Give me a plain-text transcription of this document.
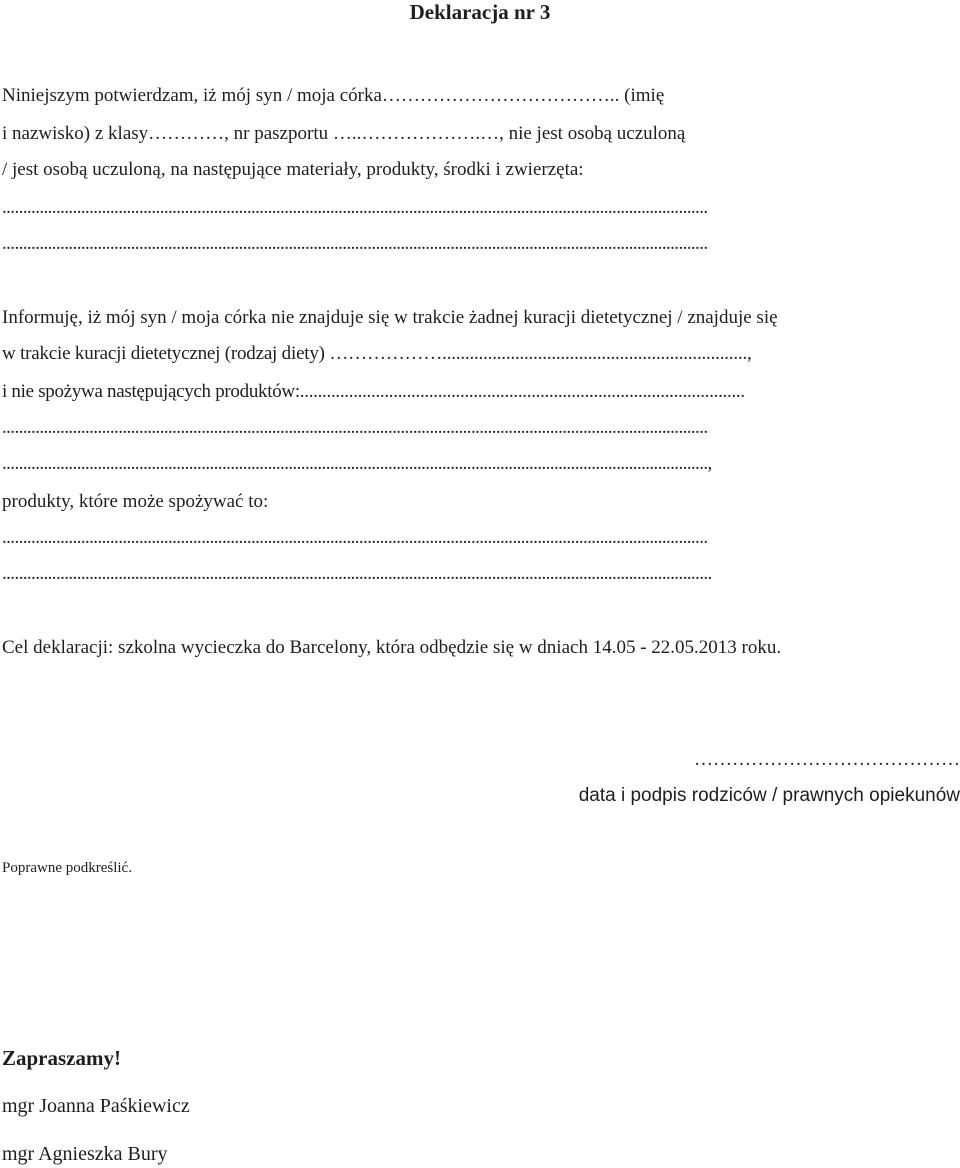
Deklaracja nr 3
Niniejszym potwierdzam, iż mój syn / moja córka……………………………….. (imię
i nazwisko) z klasy…………, nr paszportu …..……………….…, nie jest osobą uczuloną
/ jest osobą uczuloną, na następujące materiały, produkty, środki i zwierzęta:
..........................................................................................................................................................................
..........................................................................................................................................................................
Informuję, iż mój syn / moja córka nie znajduje się w trakcie żadnej kuracji dietetycznej / znajduje się
w trakcie kuracji dietetycznej (rodzaj diety) ………………...................................................................,
i nie spożywa następujących produktów:....................................................................................................
..........................................................................................................................................................................
..........................................................................................................................................................................,
produkty, które może spożywać to:
..........................................................................................................................................................................
...........................................................................................................................................................................
Cel deklaracji: szkolna wycieczka do Barcelony, która odbędzie się w dniach 14.05 - 22.05.2013 roku.
……………………………………
data i podpis rodziców / prawnych opiekunów
Poprawne podkreślić.
Zapraszamy!
mgr Joanna Paśkiewicz
mgr Agnieszka Bury
